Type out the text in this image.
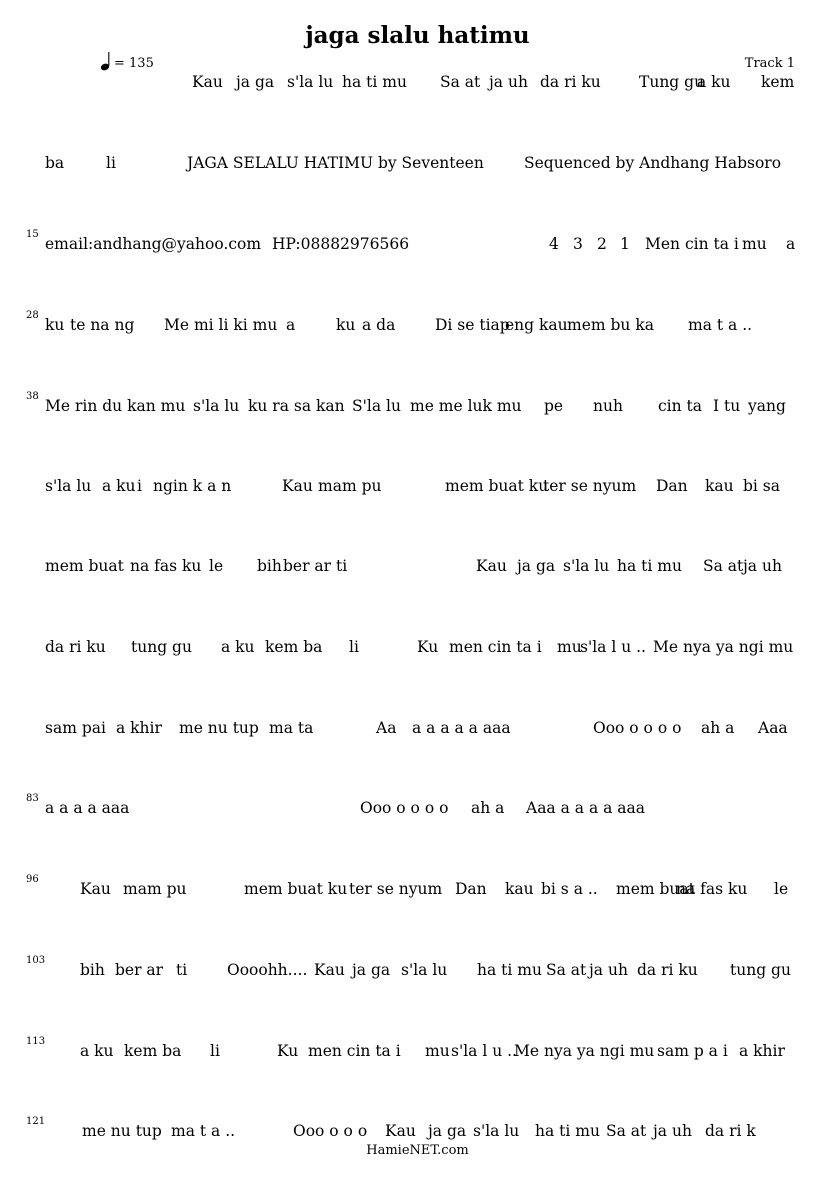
jaga slalu hatimu
= 135	Track 1
Kau ja ga s'la lu ha ti mu Sa at ja uh da ri ku Tung gu
a ku kem
ba	li	JAGA SELALU HATIMU by Seventeen	Sequenced by Andhang Habsoro
15
email:andhang@yahoo.com HP:08882976566	4 3 2 1 Men cin ta i mu a
28
ku te na ng Me mi li ki mu a	ku a da	Di se tiap
eng kau mem bu ka ma t a ..
38
Me rin du kan mu s'la lu ku ra sa kan S'la lu me me luk mu pe nuh cin ta I tu yang
s'la lu a ku i ngin k a n	Kau mam pu	mem buat ku
ter se nyum Dan kau bi sa
mem buat na fas ku le bih ber ar ti	Kau ja ga s'la lu ha ti mu Sa at ja uh
da ri ku tung gu a ku kem ba li	Ku men cin ta i mu
s'la l u .. Me nya ya ngi mu
sam pai a khir me nu tup ma ta	Aa a a a a a aaa	Ooo o o o o ah a Aaa
83
a a a a aaa	Ooo o o o o ah a Aaa a a a a aaa
96
Kau mam pu	mem buat ku ter se nyum Dan kau bi s a .. mem buat
na fas ku le
103
bih ber ar ti	Oooohh.... Kau ja ga s'la lu ha ti mu Sa at ja uh da ri ku tung gu
113
a ku kem ba li	Ku men cin ta i mu s'la l u ..
Me nya ya ngi mu sam p a i a khir
121
me nu tup ma t a ..	Ooo o o o Kau ja ga s'la lu ha ti mu Sa at ja uh da ri k
HamieNET.com
